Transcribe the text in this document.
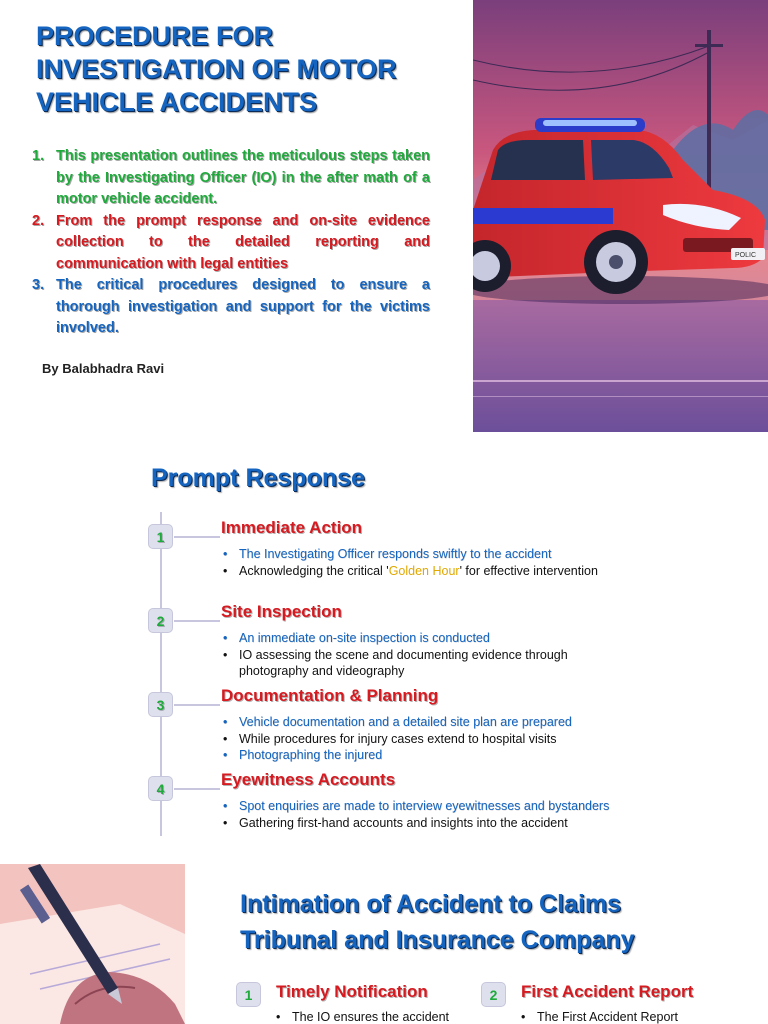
PROCEDURE FOR INVESTIGATION OF MOTOR VEHICLE ACCIDENTS
1. This presentation outlines the meticulous steps taken by the Investigating Officer (IO) in the after math of a motor vehicle accident.
2. From the prompt response and on-site evidence collection to the detailed reporting and communication with legal entities
3. The critical procedures designed to ensure a thorough investigation and support for the victims involved.
By Balabhadra Ravi
POLIC
Prompt Response
1	Immediate Action
• The Investigating Officer responds swiftly to the accident
• Acknowledging the critical 'Golden Hour' for effective intervention
2	Site Inspection
• An immediate on-site inspection is conducted
• IO assessing the scene and documenting evidence through photography and videography
3	Documentation & Planning
• Vehicle documentation and a detailed site plan are prepared
• While procedures for injury cases extend to hospital visits
• Photographing the injured
4	Eyewitness Accounts
• Spot enquiries are made to interview eyewitnesses and bystanders
• Gathering first-hand accounts and insights into the accident
Intimation of Accident to Claims Tribunal and Insurance Company
1	Timely Notification
• The IO ensures the accident
2	First Accident Report
• The First Accident Report
